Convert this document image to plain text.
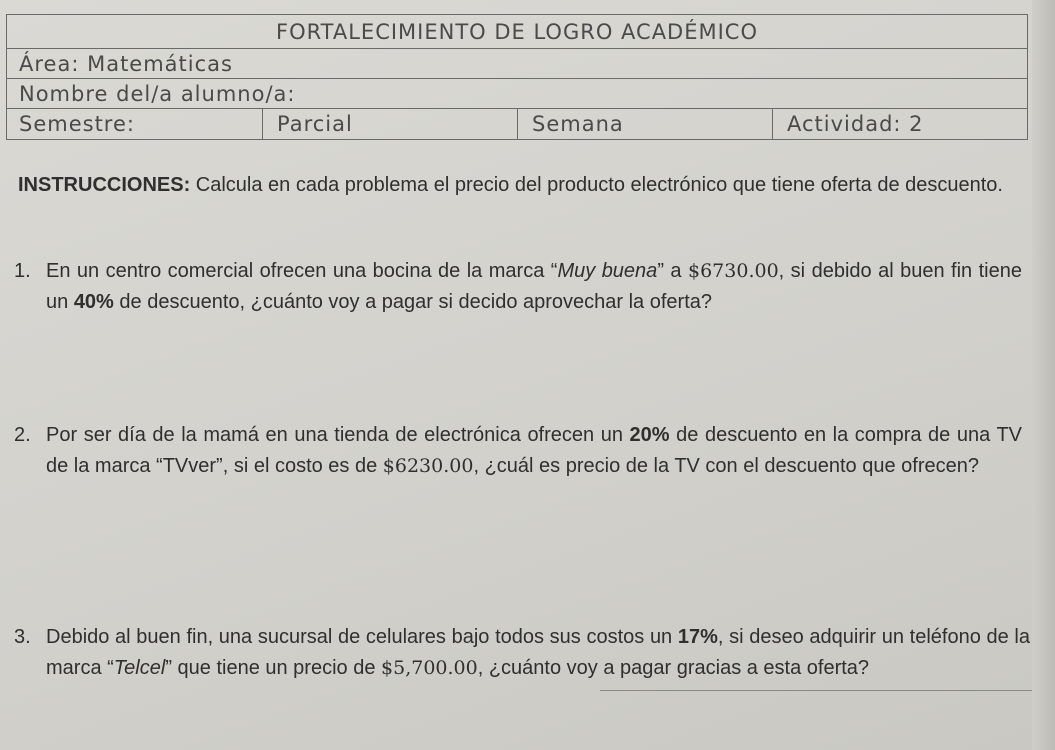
FORTALECIMIENTO DE LOGRO ACADÉMICO
Área: Matemáticas
Nombre del/a alumno/a:
Semestre:	Parcial	Semana	Actividad: 2
INSTRUCCIONES: Calcula en cada problema el precio del producto electrónico que tiene oferta de descuento.
1. En un centro comercial ofrecen una bocina de la marca “Muy buena” a $6730.00, si debido al buen fin tiene un 40% de descuento, ¿cuánto voy a pagar si decido aprovechar la oferta?
2. Por ser día de la mamá en una tienda de electrónica ofrecen un 20% de descuento en la compra de una TV de la marca “TVver”, si el costo es de $6230.00, ¿cuál es precio de la TV con el descuento que ofrecen?
3. Debido al buen fin, una sucursal de celulares bajo todos sus costos un 17%, si deseo adquirir un teléfono de la marca “Telcel” que tiene un precio de $5,700.00, ¿cuánto voy a pagar gracias a esta oferta?
